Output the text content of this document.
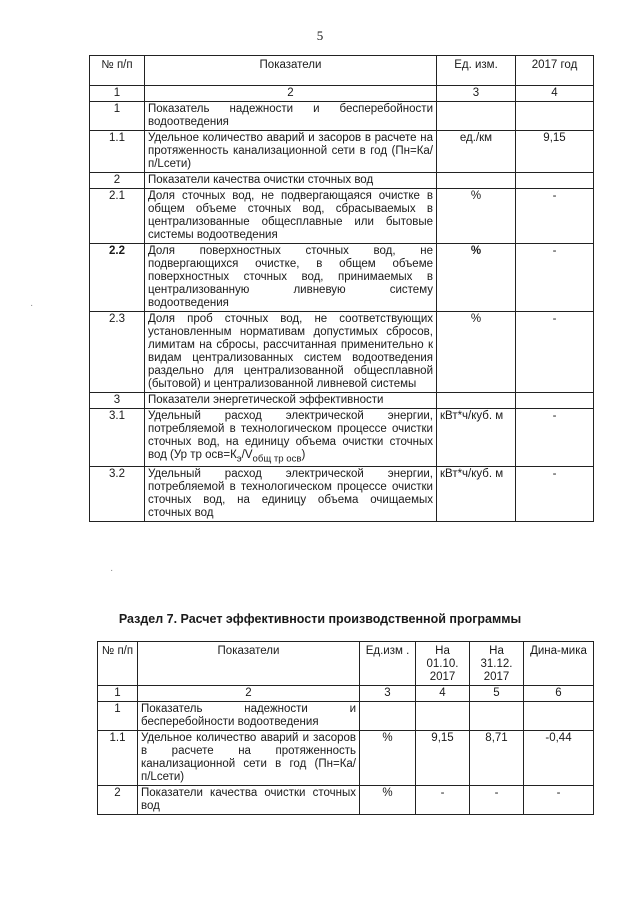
5
·
·
№ п/п	Показатели	Ед. изм.	2017 год
1	2	3	4
1	Показатель надежности и бесперебойности водоотведения		
1.1	Удельное количество аварий и засоров в расчете на протяженность канализационной сети в год (Пн=Ка/п/Lсети)	ед./км	9,15
2	Показатели качества очистки сточных вод		
2.1	Доля сточных вод, не подвергающаяся очистке в общем объеме сточных вод, сбрасываемых в централизованные общесплавные или бытовые системы водоотведения	%	-
2.2	Доля поверхностных сточных вод, не подвергающихся очистке, в общем объеме поверхностных сточных вод, принимаемых в централизованную ливневую систему водоотведения	%	-
2.3	Доля проб сточных вод, не соответствующих установленным нормативам допустимых сбросов, лимитам на сбросы, рассчитанная применительно к видам централизованных систем водоотведения раздельно для централизованной общесплавной (бытовой) и централизованной ливневой системы	%	-
3	Показатели энергетической эффективности		
3.1	Удельный расход электрической энергии, потребляемой в технологическом процессе очистки сточных вод, на единицу объема очистки сточных вод (Ур тр $осв=К_э/V_{общ тр осв}$)	кВт*ч/куб. м	-
3.2	Удельный расход электрической энергии, потребляемой в технологическом процессе очистки сточных вод, на единицу объема очищаемых сточных вод	кВт*ч/куб. м	-
Раздел 7. Расчет эффективности производственной программы
№ п/п	Показатели	Ед.изм .	На 01.10. 2017	На 31.12. 2017	Дина-мика
1	2	3	4	5	6
1	Показатель надежности и бесперебойности водоотведения				
1.1	Удельное количество аварий и засоров в расчете на протяженность канализационной сети в год (Пн=Ка/п/Lсети)	%	9,15	8,71	-0,44
2	Показатели качества очистки сточных вод	%	-	-	-
